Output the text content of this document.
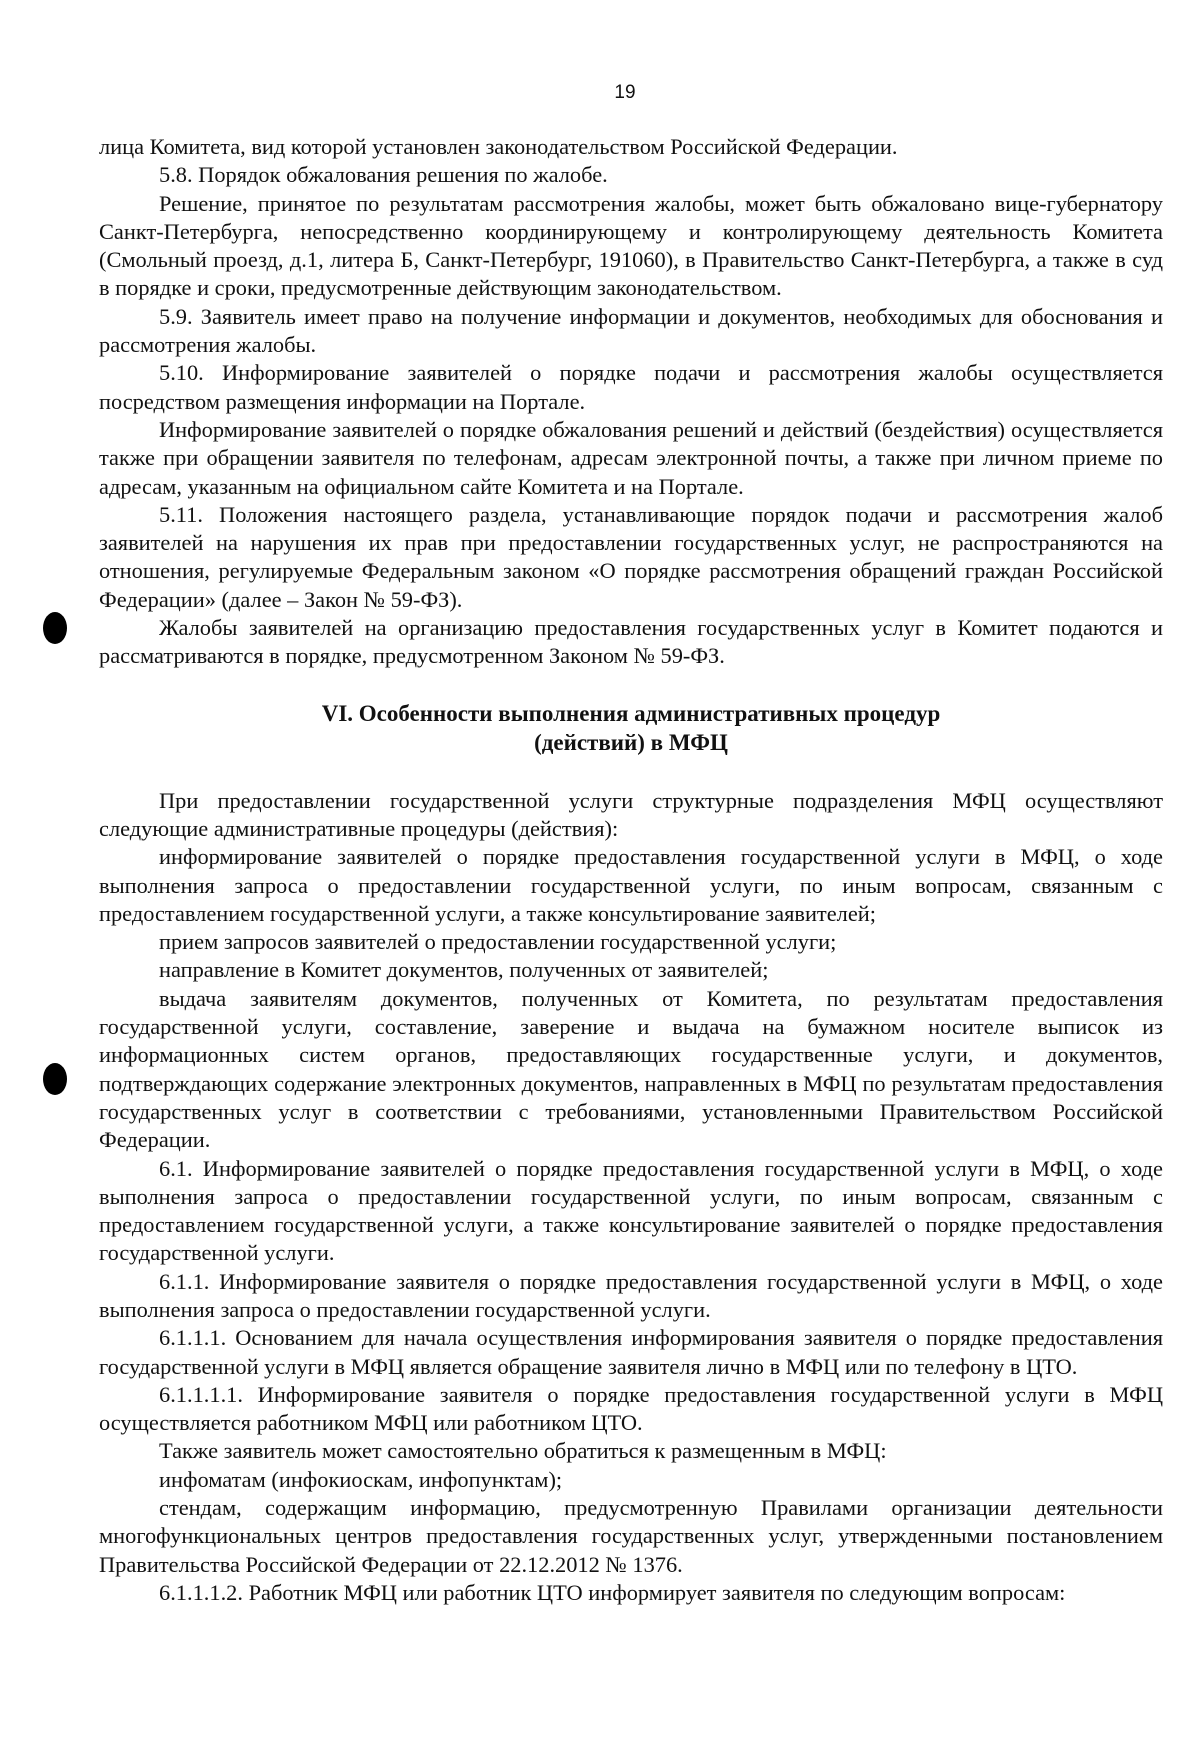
19

лица Комитета, вид которой установлен законодательством Российской Федерации.

5.8. Порядок обжалования решения по жалобе.

Решение, принятое по результатам рассмотрения жалобы, может быть обжаловано вице-губернатору Санкт-Петербурга, непосредственно координирующему и контролирующему деятельность Комитета (Смольный проезд, д.1, литера Б, Санкт-Петербург, 191060), в Правительство Санкт-Петербурга, а также в суд в порядке и сроки, предусмотренные действующим законодательством.

5.9. Заявитель имеет право на получение информации и документов, необходимых для обоснования и рассмотрения жалобы.

5.10. Информирование заявителей о порядке подачи и рассмотрения жалобы осуществляется посредством размещения информации на Портале.

Информирование заявителей о порядке обжалования решений и действий (бездействия) осуществляется также при обращении заявителя по телефонам, адресам электронной почты, а также при личном приеме по адресам, указанным на официальном сайте Комитета и на Портале.

5.11. Положения настоящего раздела, устанавливающие порядок подачи и рассмотрения жалоб заявителей на нарушения их прав при предоставлении государственных услуг, не распространяются на отношения, регулируемые Федеральным законом «О порядке рассмотрения обращений граждан Российской Федерации» (далее – Закон № 59-ФЗ).

Жалобы заявителей на организацию предоставления государственных услуг в Комитет подаются и рассматриваются в порядке, предусмотренном Законом № 59-ФЗ.

VI. Особенности выполнения административных процедур
(действий) в МФЦ

При предоставлении государственной услуги структурные подразделения МФЦ осуществляют следующие административные процедуры (действия):

информирование заявителей о порядке предоставления государственной услуги в МФЦ, о ходе выполнения запроса о предоставлении государственной услуги, по иным вопросам, связанным с предоставлением государственной услуги, а также консультирование заявителей;

прием запросов заявителей о предоставлении государственной услуги;

направление в Комитет документов, полученных от заявителей;

выдача заявителям документов, полученных от Комитета, по результатам предоставления государственной услуги, составление, заверение и выдача на бумажном носителе выписок из информационных систем органов, предоставляющих государственные услуги, и документов, подтверждающих содержание электронных документов, направленных в МФЦ по результатам предоставления государственных услуг в соответствии с требованиями, установленными Правительством Российской Федерации.

6.1. Информирование заявителей о порядке предоставления государственной услуги в МФЦ, о ходе выполнения запроса о предоставлении государственной услуги, по иным вопросам, связанным с предоставлением государственной услуги, а также консультирование заявителей о порядке предоставления государственной услуги.

6.1.1. Информирование заявителя о порядке предоставления государственной услуги в МФЦ, о ходе выполнения запроса о предоставлении государственной услуги.

6.1.1.1. Основанием для начала осуществления информирования заявителя о порядке предоставления государственной услуги в МФЦ является обращение заявителя лично в МФЦ или по телефону в ЦТО.

6.1.1.1.1. Информирование заявителя о порядке предоставления государственной услуги в МФЦ осуществляется работником МФЦ или работником ЦТО.

Также заявитель может самостоятельно обратиться к размещенным в МФЦ:

инфоматам (инфокиоскам, инфопунктам);

стендам, содержащим информацию, предусмотренную Правилами организации деятельности многофункциональных центров предоставления государственных услуг, утвержденными постановлением Правительства Российской Федерации от 22.12.2012 № 1376.

6.1.1.1.2. Работник МФЦ или работник ЦТО информирует заявителя по следующим вопросам:
